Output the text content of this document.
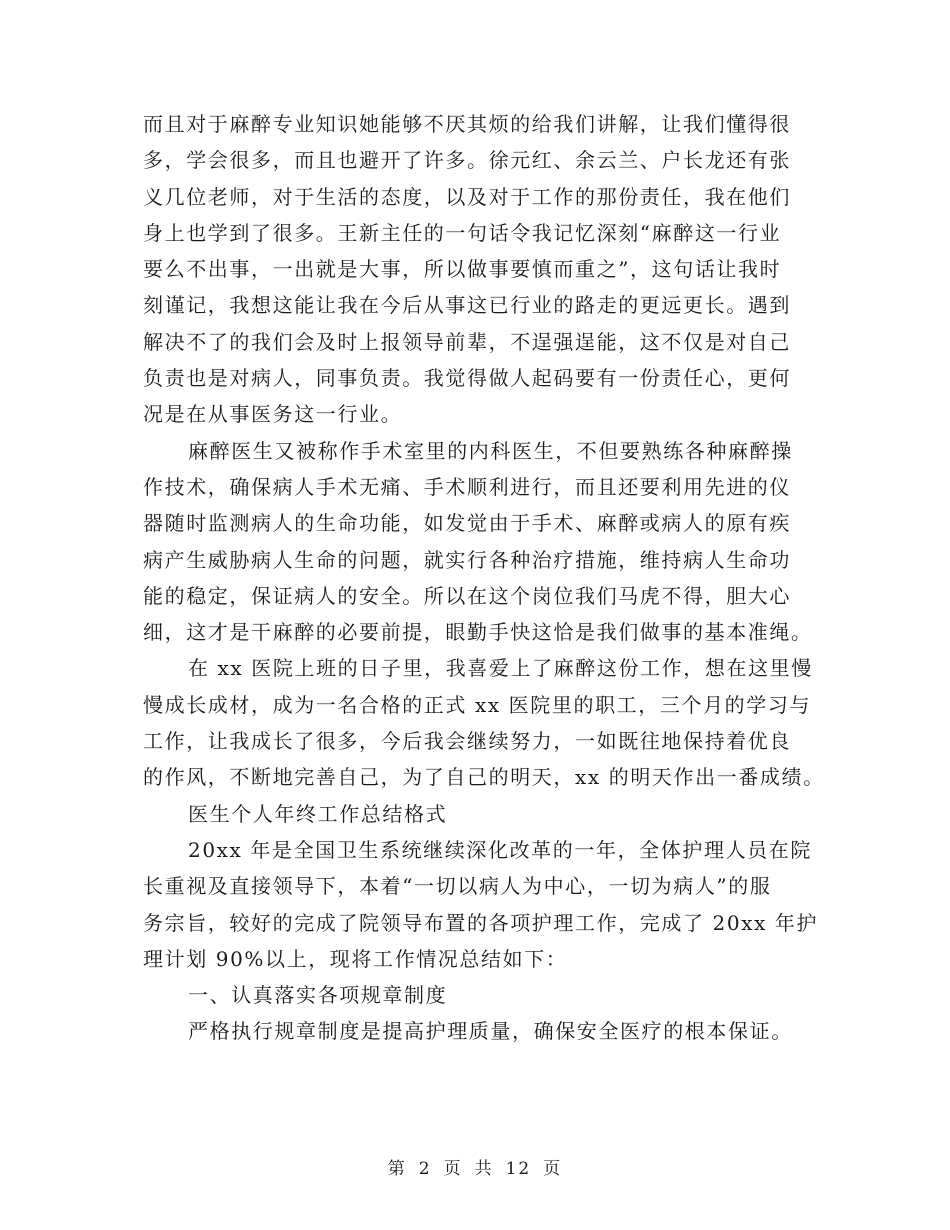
而且对于麻醉专业知识她能够不厌其烦的给我们讲解，让我们懂得很
多，学会很多，而且也避开了许多。徐元红、余云兰、户长龙还有张
义几位老师，对于生活的态度，以及对于工作的那份责任，我在他们
身上也学到了很多。王新主任的一句话令我记忆深刻“麻醉这一行业
要么不出事，一出就是大事，所以做事要慎而重之”，这句话让我时
刻谨记，我想这能让我在今后从事这已行业的路走的更远更长。遇到
解决不了的我们会及时上报领导前辈，不逞强逞能，这不仅是对自己
负责也是对病人，同事负责。我觉得做人起码要有一份责任心，更何
况是在从事医务这一行业。
麻醉医生又被称作手术室里的内科医生，不但要熟练各种麻醉操
作技术，确保病人手术无痛、手术顺利进行，而且还要利用先进的仪
器随时监测病人的生命功能，如发觉由于手术、麻醉或病人的原有疾
病产生威胁病人生命的问题，就实行各种治疗措施，维持病人生命功
能的稳定，保证病人的安全。所以在这个岗位我们马虎不得，胆大心
细，这才是干麻醉的必要前提，眼勤手快这恰是我们做事的基本准绳。
在 xx 医院上班的日子里，我喜爱上了麻醉这份工作，想在这里慢
慢成长成材，成为一名合格的正式 xx 医院里的职工，三个月的学习与
工作，让我成长了很多，今后我会继续努力，一如既往地保持着优良
的作风，不断地完善自己，为了自己的明天，xx 的明天作出一番成绩。
医生个人年终工作总结格式
20xx 年是全国卫生系统继续深化改革的一年，全体护理人员在院
长重视及直接领导下，本着“一切以病人为中心，一切为病人”的服
务宗旨，较好的完成了院领导布置的各项护理工作，完成了 20xx 年护
理计划 90%以上，现将工作情况总结如下：
一、认真落实各项规章制度
严格执行规章制度是提高护理质量，确保安全医疗的根本保证。
第 2 页 共 12 页
